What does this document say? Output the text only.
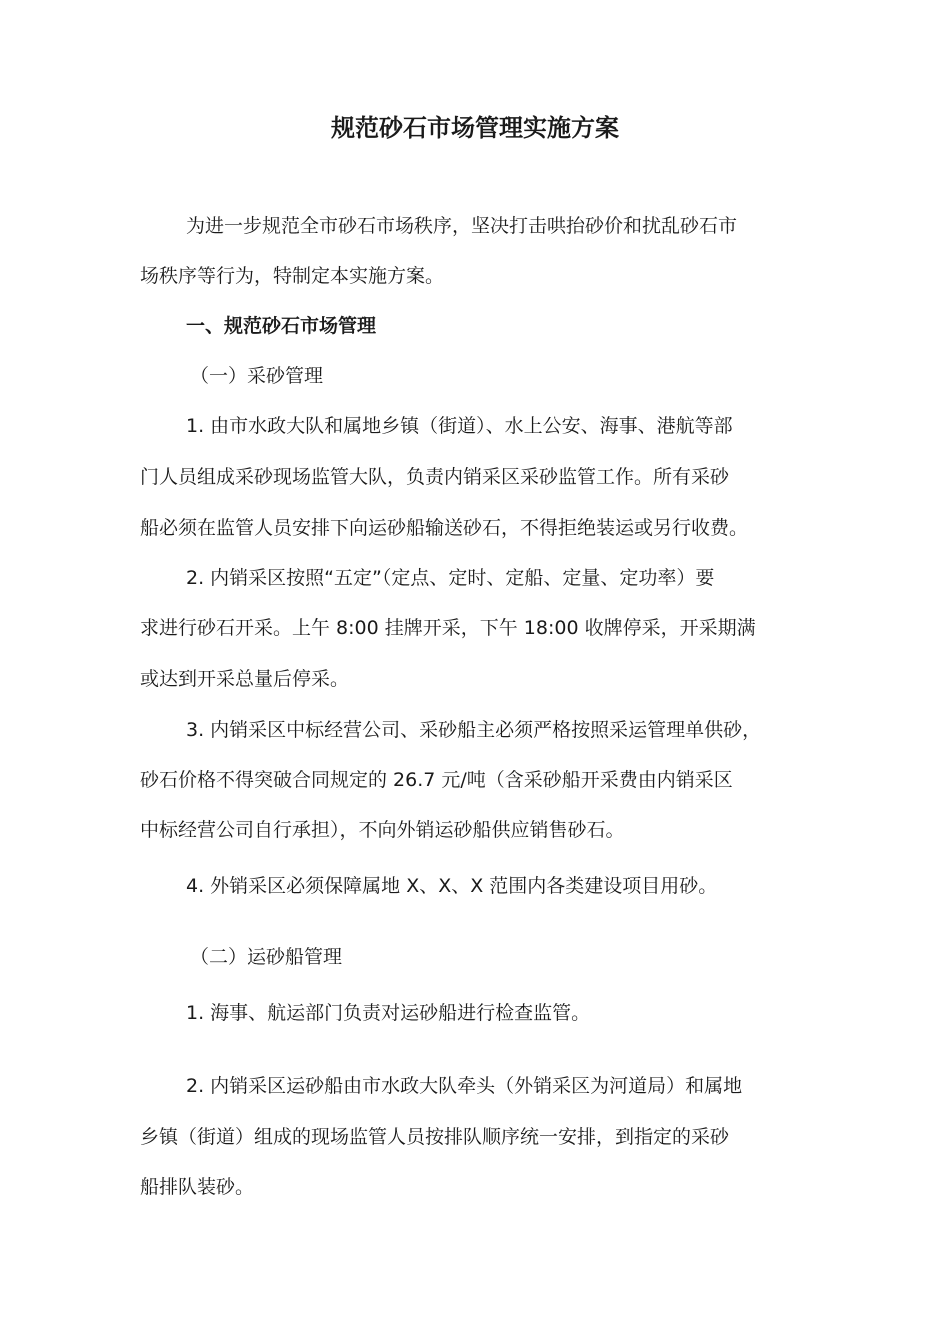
规范砂石市场管理实施方案
为进一步规范全市砂石市场秩序，坚决打击哄抬砂价和扰乱砂石市
场秩序等行为，特制定本实施方案。
一、规范砂石市场管理
（一）采砂管理
1. 由市水政大队和属地乡镇（街道）、水上公安、海事、港航等部
门人员组成采砂现场监管大队，负责内销采区采砂监管工作。所有采砂
船必须在监管人员安排下向运砂船输送砂石，不得拒绝装运或另行收费。
2. 内销采区按照“五定”（定点、定时、定船、定量、定功率）要
求进行砂石开采。上午 8:00 挂牌开采，下午 18:00 收牌停采，开采期满
或达到开采总量后停采。
3. 内销采区中标经营公司、采砂船主必须严格按照采运管理单供砂，
砂石价格不得突破合同规定的 26.7 元/吨（含采砂船开采费由内销采区
中标经营公司自行承担），不向外销运砂船供应销售砂石。
4. 外销采区必须保障属地 X、X、X 范围内各类建设项目用砂。
（二）运砂船管理
1. 海事、航运部门负责对运砂船进行检查监管。
2. 内销采区运砂船由市水政大队牵头（外销采区为河道局）和属地
乡镇（街道）组成的现场监管人员按排队顺序统一安排，到指定的采砂
船排队装砂。
